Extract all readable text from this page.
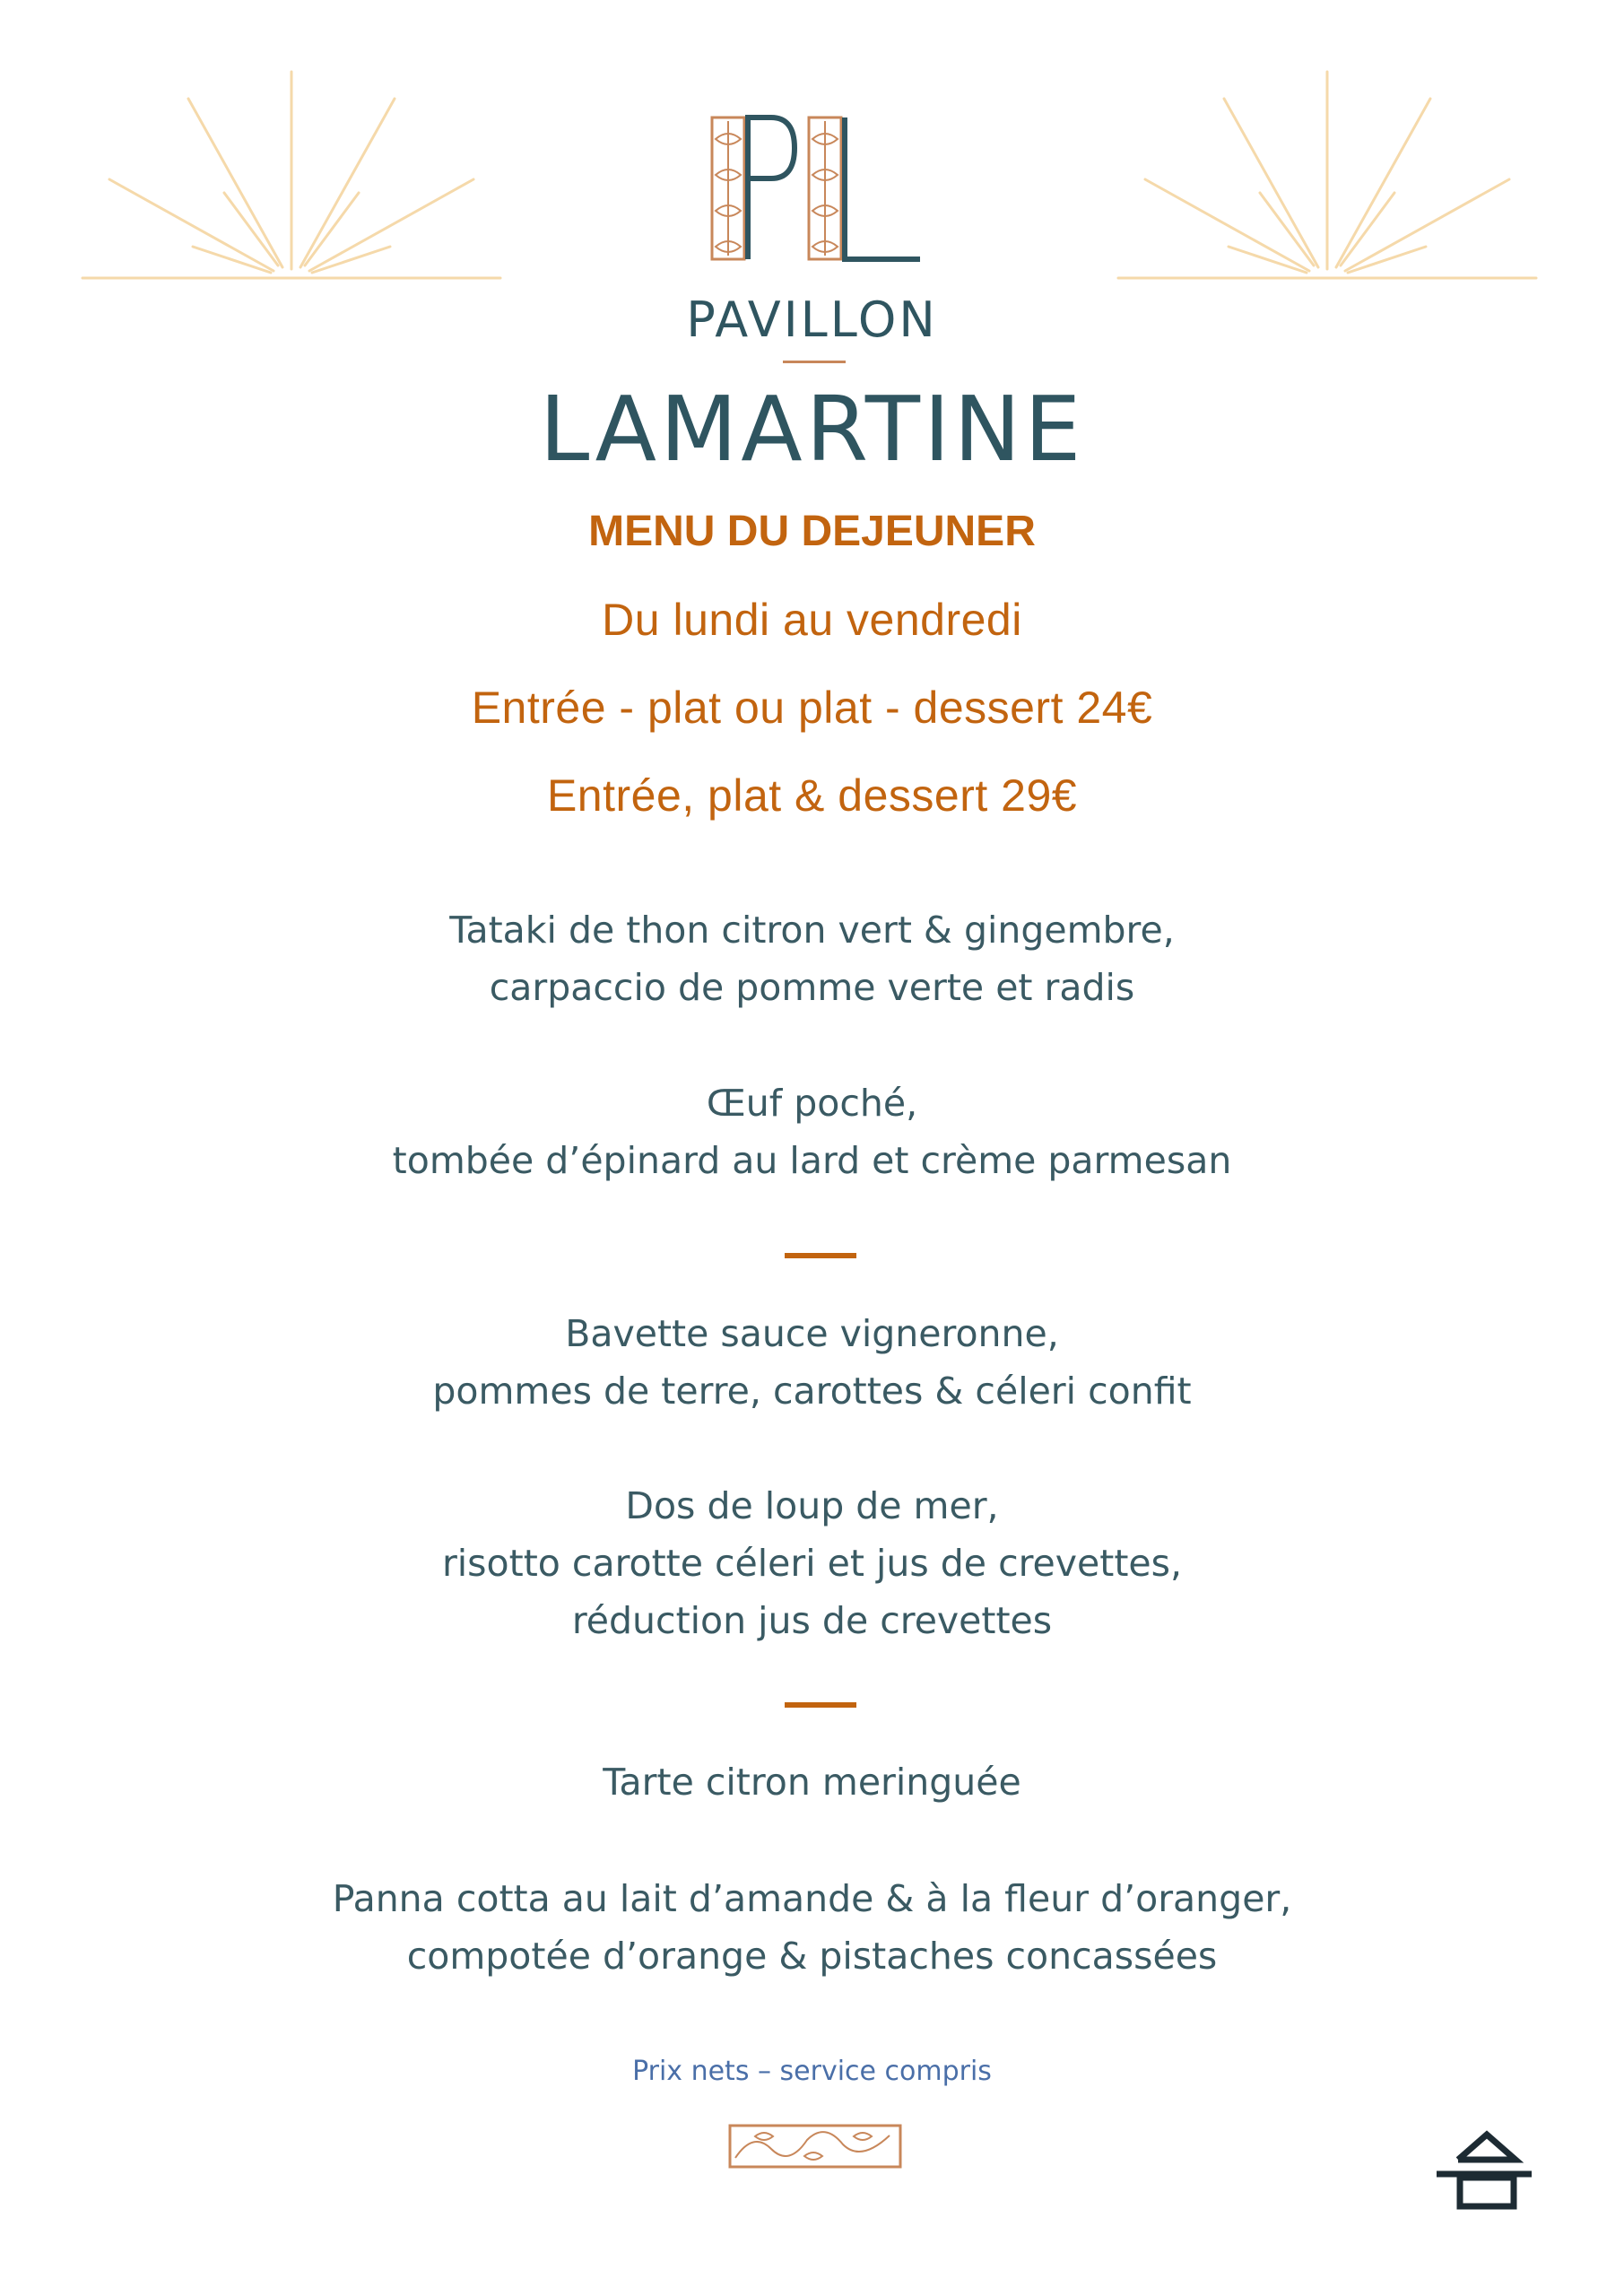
PAVILLON
LAMARTINE
MENU DU DEJEUNER
Du lundi au vendredi
Entrée - plat ou plat - dessert 24€
Entrée, plat & dessert 29€
Tataki de thon citron vert & gingembre,
carpaccio de pomme verte et radis
Œuf poché,
tombée d’épinard au lard et crème parmesan
Bavette sauce vigneronne,
pommes de terre, carottes & céleri confit
Dos de loup de mer,
risotto carotte céleri et jus de crevettes,
réduction jus de crevettes
Tarte citron meringuée
Panna cotta au lait d’amande & à la fleur d’oranger,
compotée d’orange & pistaches concassées
Prix nets – service compris
